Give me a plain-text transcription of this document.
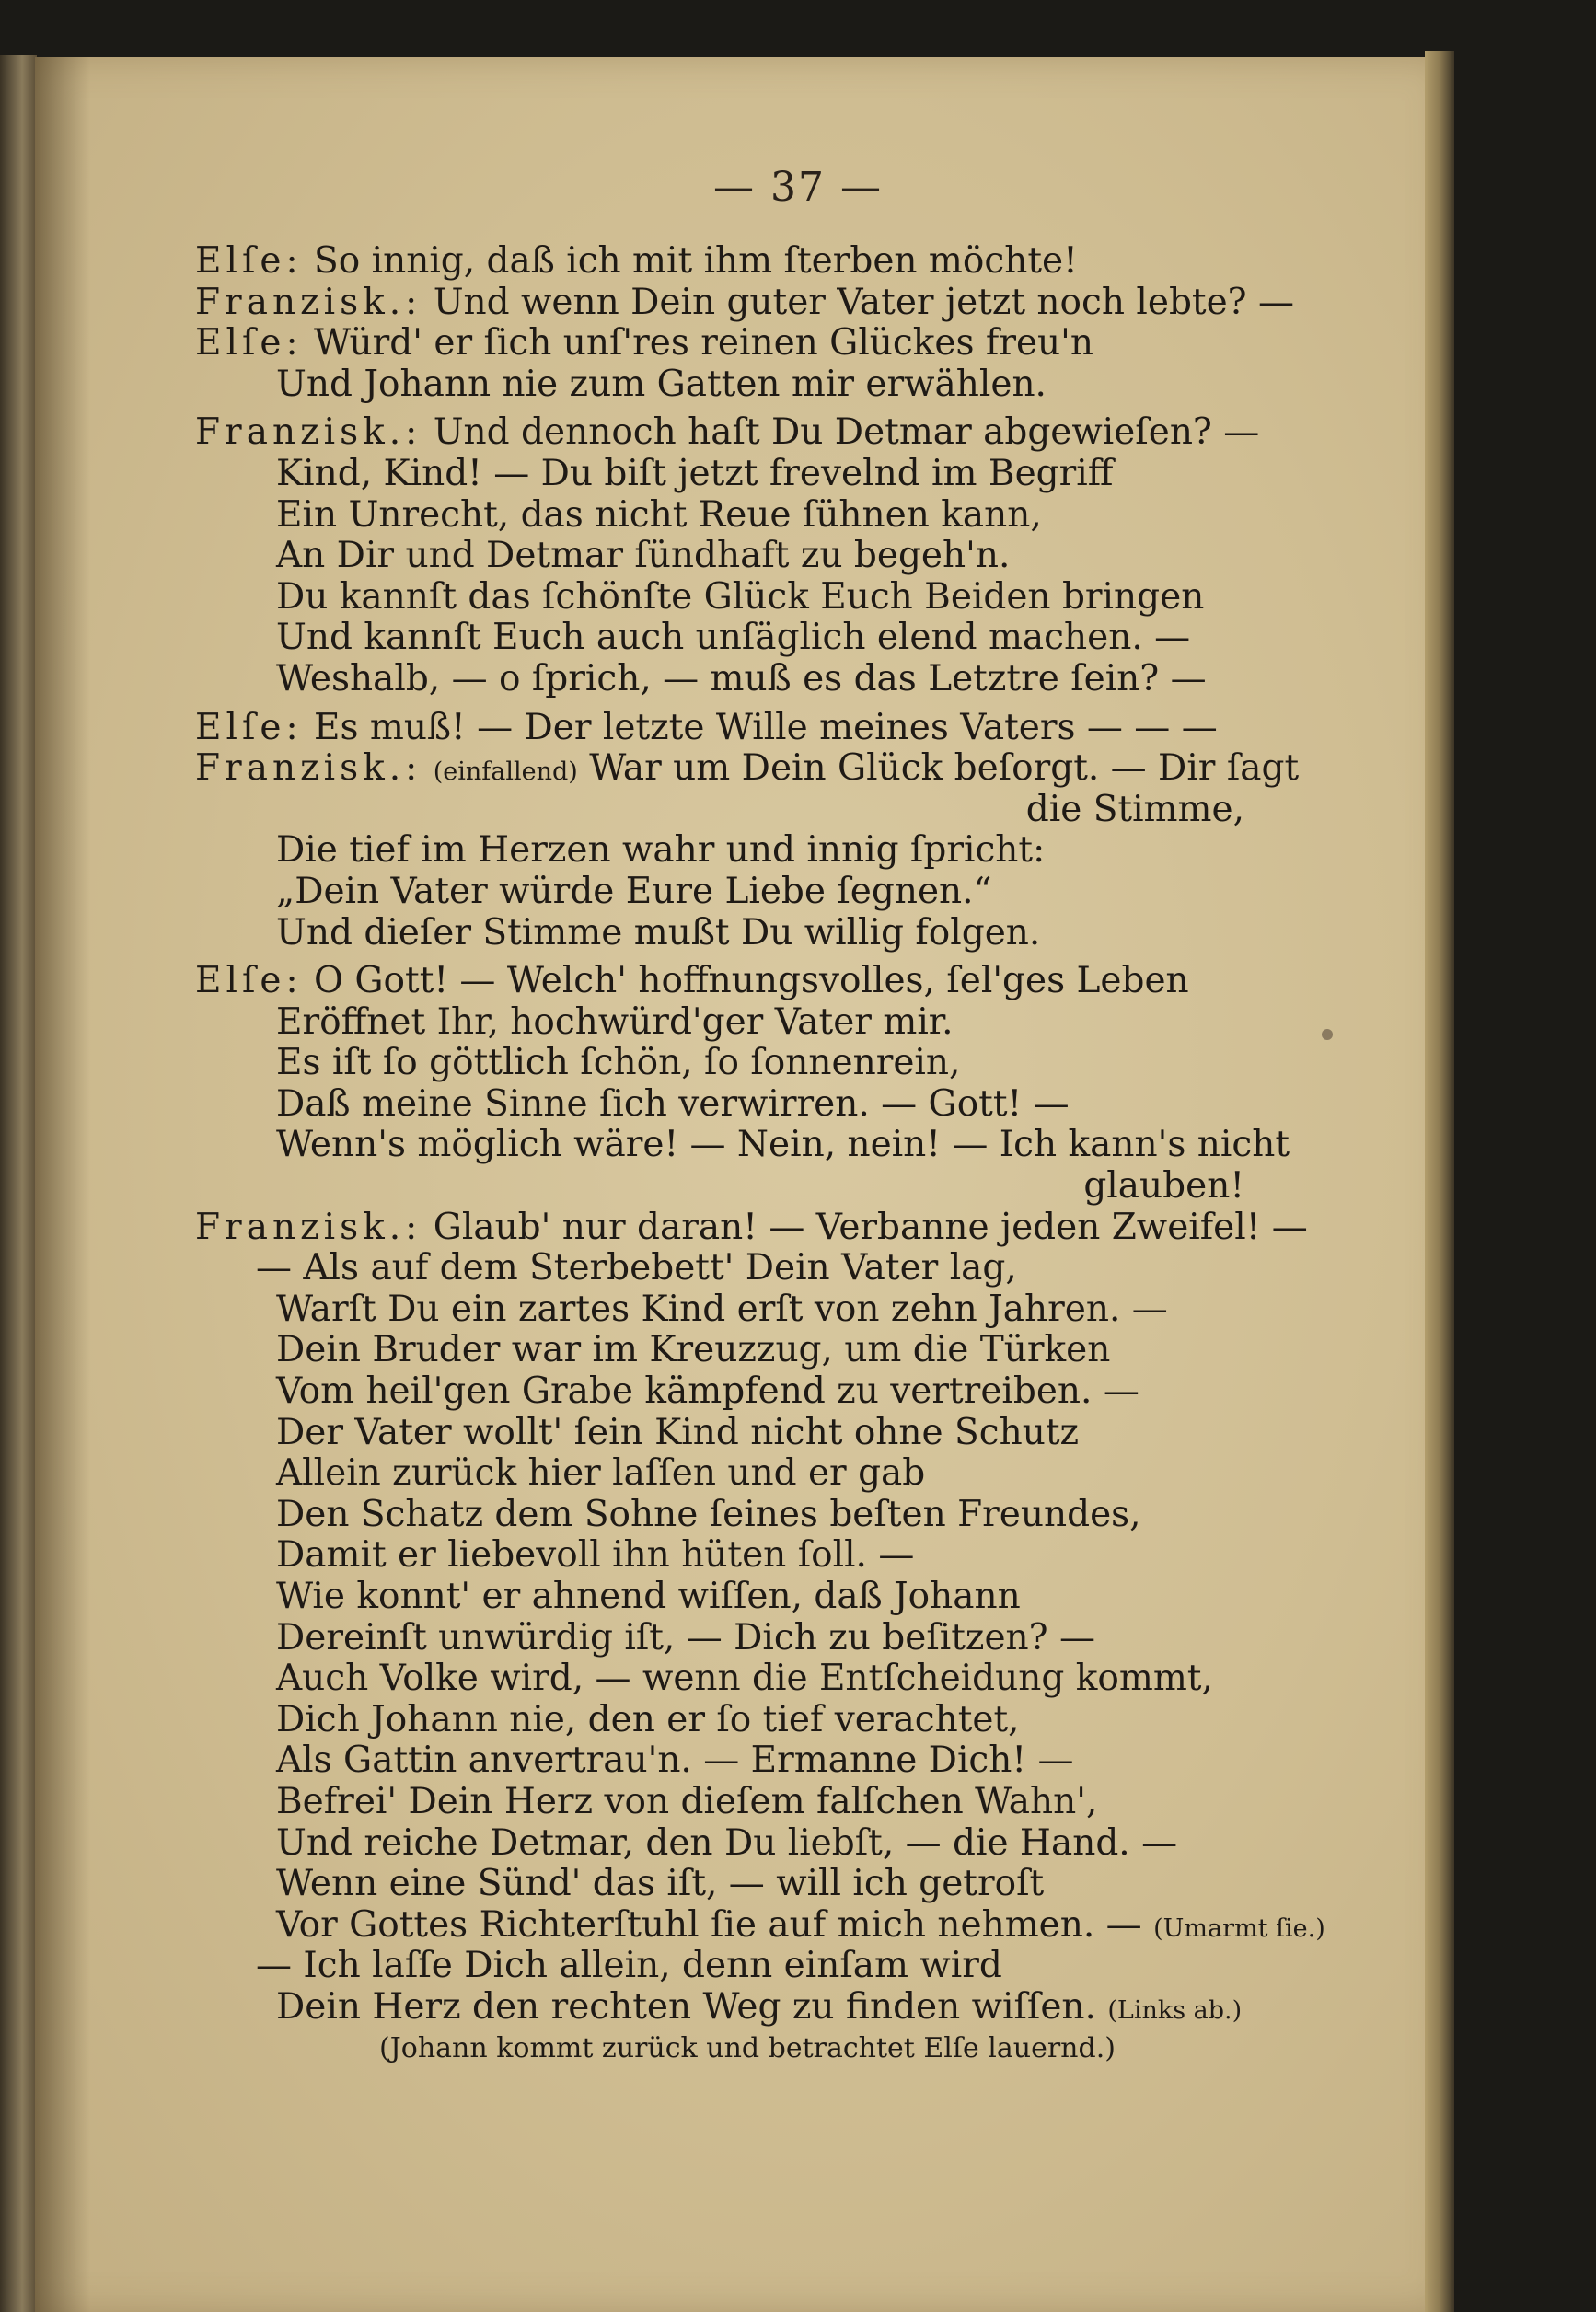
— 37 —
Elſe: So innig, daß ich mit ihm ſterben möchte!
Franzisk.: Und wenn Dein guter Vater jetzt noch lebte? —
Elſe: Würd' er ſich unſ'res reinen Glückes freu'n
Und Johann nie zum Gatten mir erwählen.
Franzisk.: Und dennoch haſt Du Detmar abgewieſen? —
Kind, Kind! — Du biſt jetzt frevelnd im Begriff
Ein Unrecht, das nicht Reue ſühnen kann,
An Dir und Detmar ſündhaft zu begeh'n.
Du kannſt das ſchönſte Glück Euch Beiden bringen
Und kannſt Euch auch unſäglich elend machen. —
Weshalb, — o ſprich, — muß es das Letztre ſein? —
Elſe: Es muß! — Der letzte Wille meines Vaters — — —
Franzisk.: (einfallend) War um Dein Glück beſorgt. — Dir ſagt
die Stimme,
Die tief im Herzen wahr und innig ſpricht:
„Dein Vater würde Eure Liebe ſegnen.“
Und dieſer Stimme mußt Du willig folgen.
Elſe: O Gott! — Welch' hoffnungsvolles, ſel'ges Leben
Eröffnet Ihr, hochwürd'ger Vater mir.
Es iſt ſo göttlich ſchön, ſo ſonnenrein,
Daß meine Sinne ſich verwirren. — Gott! —
Wenn's möglich wäre! — Nein, nein! — Ich kann's nicht
glauben!
Franzisk.: Glaub' nur daran! — Verbanne jeden Zweifel! —
— Als auf dem Sterbebett' Dein Vater lag,
Warſt Du ein zartes Kind erſt von zehn Jahren. —
Dein Bruder war im Kreuzzug, um die Türken
Vom heil'gen Grabe kämpfend zu vertreiben. —
Der Vater wollt' ſein Kind nicht ohne Schutz
Allein zurück hier laſſen und er gab
Den Schatz dem Sohne ſeines beſten Freundes,
Damit er liebevoll ihn hüten ſoll. —
Wie konnt' er ahnend wiſſen, daß Johann
Dereinſt unwürdig iſt, — Dich zu beſitzen? —
Auch Volke wird, — wenn die Entſcheidung kommt,
Dich Johann nie, den er ſo tief verachtet,
Als Gattin anvertrau'n. — Ermanne Dich! —
Befrei' Dein Herz von dieſem falſchen Wahn',
Und reiche Detmar, den Du liebſt, — die Hand. —
Wenn eine Sünd' das iſt, — will ich getroſt
Vor Gottes Richterſtuhl ſie auf mich nehmen. — (Umarmt ſie.)
— Ich laſſe Dich allein, denn einſam wird
Dein Herz den rechten Weg zu finden wiſſen. (Links ab.)
(Johann kommt zurück und betrachtet Elſe lauernd.)
